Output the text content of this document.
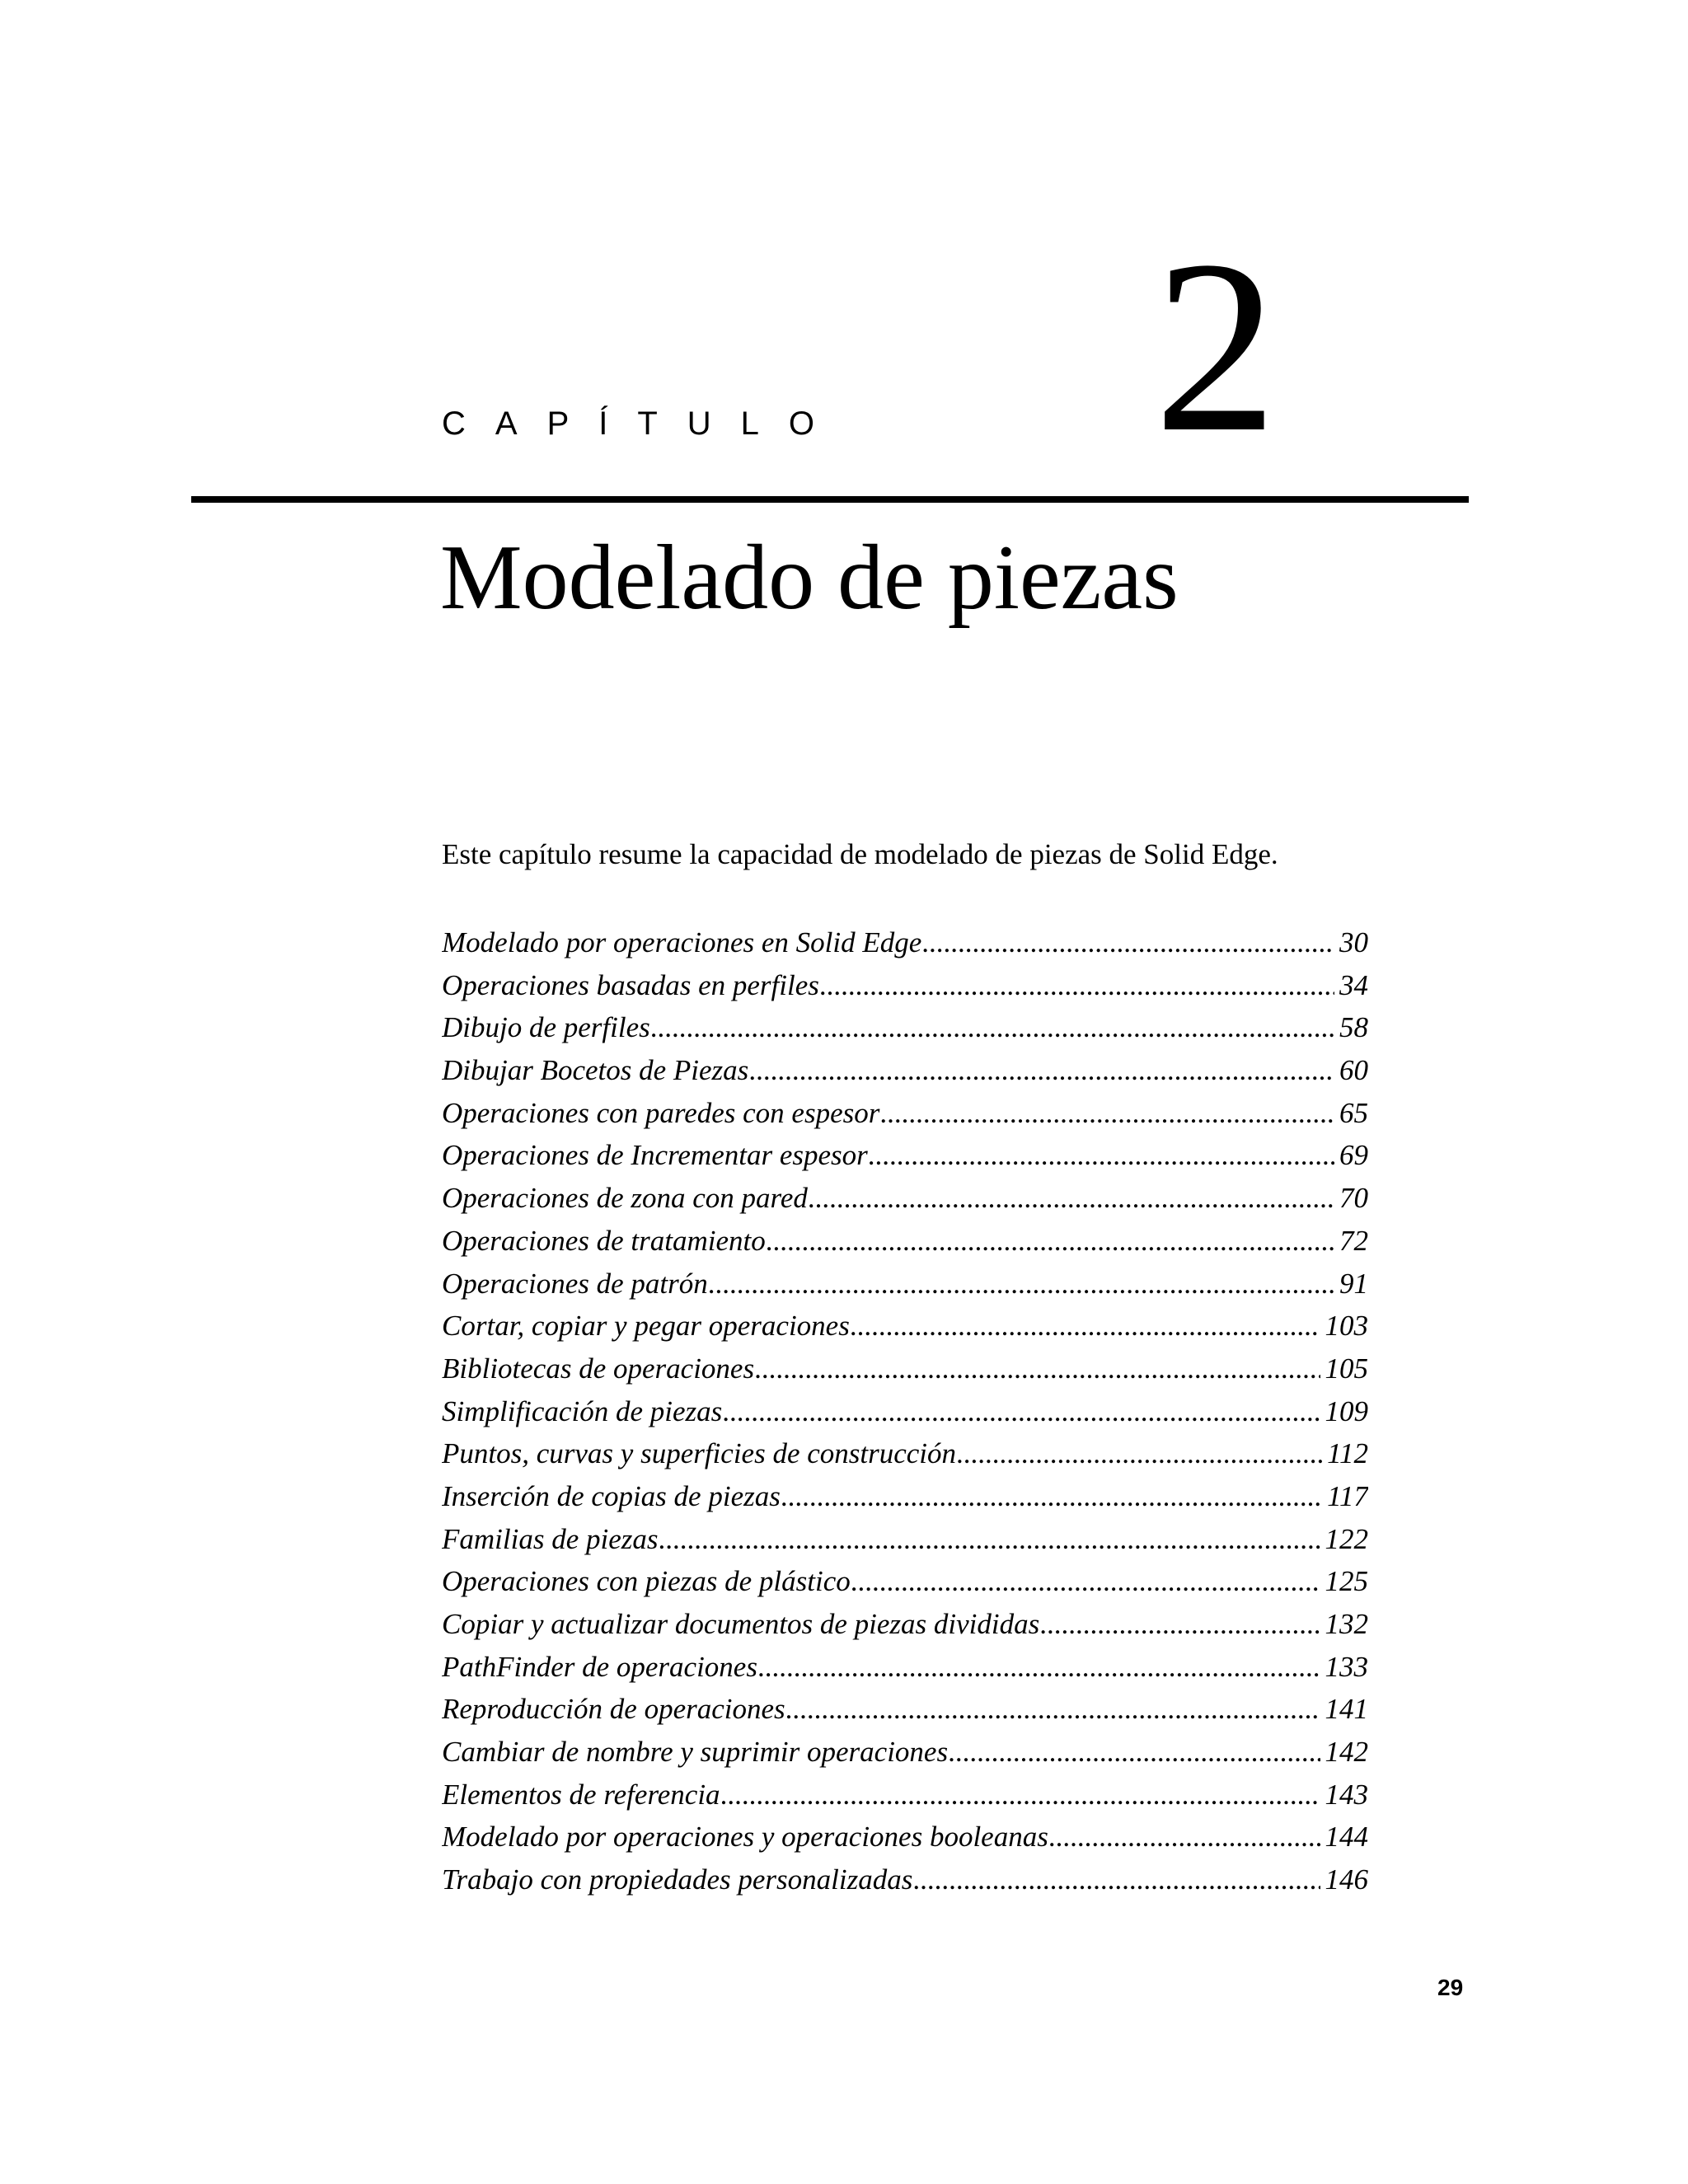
CAPÍTULO 2
Modelado de piezas

Este capítulo resume la capacidad de modelado de piezas de Solid Edge.

Modelado por operaciones en Solid Edge .....	30
Operaciones basadas en perfiles .....	34
Dibujo de perfiles .....	58
Dibujar Bocetos de Piezas .....	60
Operaciones con paredes con espesor .....	65
Operaciones de Incrementar espesor .....	69
Operaciones de zona con pared .....	70
Operaciones de tratamiento .....	72
Operaciones de patrón .....	91
Cortar, copiar y pegar operaciones .....	103
Bibliotecas de operaciones .....	105
Simplificación de piezas .....	109
Puntos, curvas y superficies de construcción .....	112
Inserción de copias de piezas .....	117
Familias de piezas .....	122
Operaciones con piezas de plástico .....	125
Copiar y actualizar documentos de piezas divididas .....	132
PathFinder de operaciones .....	133
Reproducción de operaciones .....	141
Cambiar de nombre y suprimir operaciones .....	142
Elementos de referencia .....	143
Modelado por operaciones y operaciones booleanas .....	144
Trabajo con propiedades personalizadas .....	146
29
